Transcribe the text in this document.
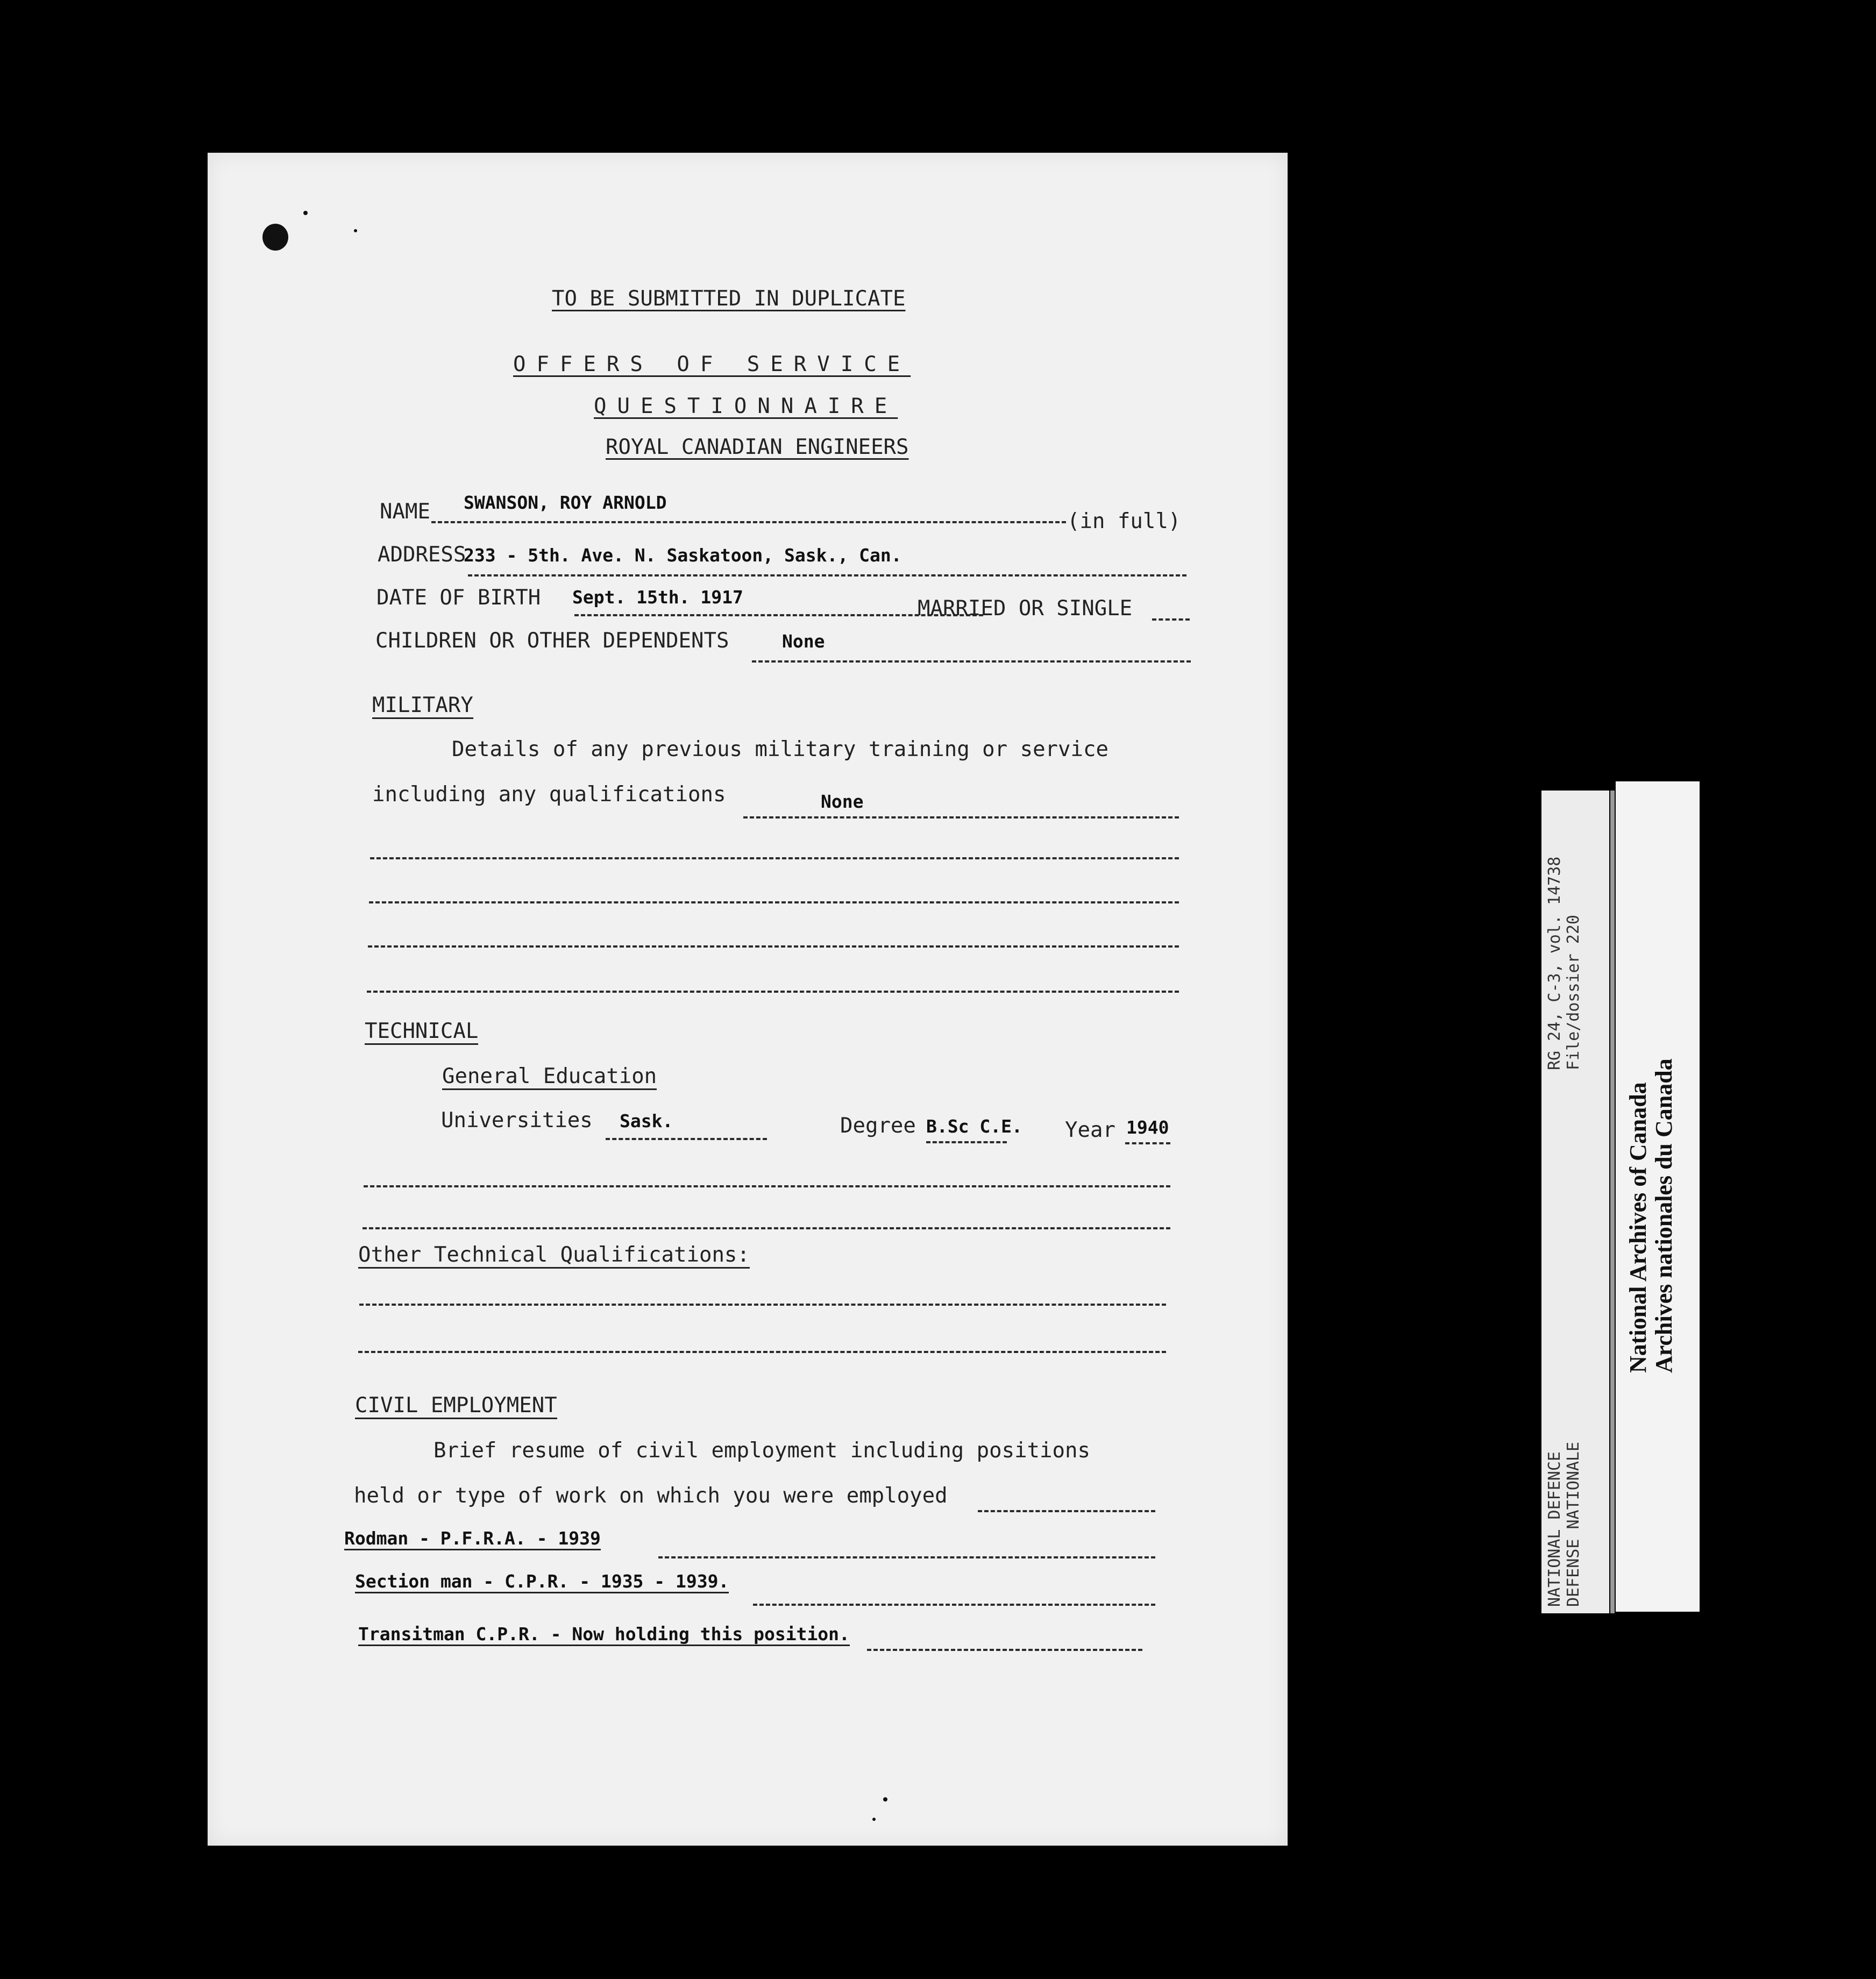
TO BE SUBMITTED IN DUPLICATE
OFFERS OF SERVICE
QUESTIONNAIRE
ROYAL CANADIAN ENGINEERS
NAME SWANSON, ROY ARNOLD
(in full)
ADDRESS
233 - 5th. Ave. N. Saskatoon, Sask., Can.
DATE OF BIRTH Sept. 15th. 1917	MARRIED OR SINGLE
CHILDREN OR OTHER DEPENDENTS	None
MILITARY
Details of any previous military training or service
including any qualifications	None
TECHNICAL
General Education
Universities Sask.	Degree B.Sc C.E. Year 1940
Other Technical Qualifications:
CIVIL EMPLOYMENT
Brief resume of civil employment including positions
held or type of work on which you were employed
Rodman - P.F.R.A. - 1939
Section man - C.P.R. - 1935 - 1939.
Transitman C.P.R. - Now holding this position.
RG 24, C-3, vol. 14738 File/dossier 220
NATIONAL DEFENCE DEFENSE NATIONALE
National Archives of Canada Archives nationales du Canada
